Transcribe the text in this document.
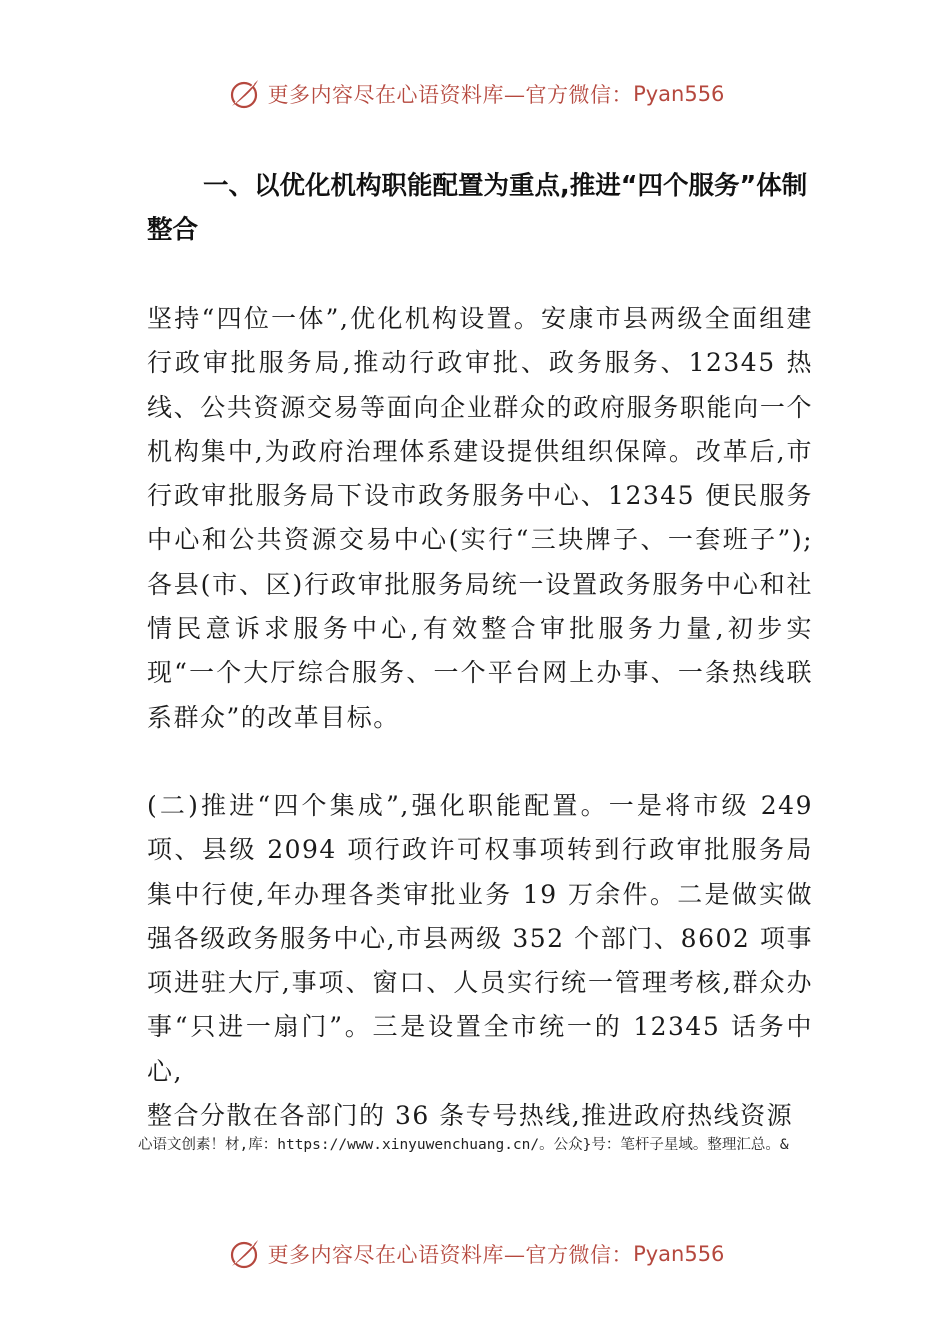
更多内容尽在心语资料库—官方微信： Pyan556
一、以优化机构职能配置为重点,推进“四个服务”体制整合
坚持“四位一体”,优化机构设置。安康市县两级全面组建行政审批服务局,推动行政审批、政务服务、12345 热线、公共资源交易等面向企业群众的政府服务职能向一个机构集中,为政府治理体系建设提供组织保障。改革后,市行政审批服务局下设市政务服务中心、12345 便民服务中心和公共资源交易中心(实行“三块牌子、一套班子”);各县(市、区)行政审批服务局统一设置政务服务中心和社情民意诉求服务中心,有效整合审批服务力量,初步实现“一个大厅综合服务、一个平台网上办事、一条热线联系群众”的改革目标。
(二)推进“四个集成”,强化职能配置。一是将市级 249 项、县级 2094 项行政许可权事项转到行政审批服务局集中行使,年办理各类审批业务 19 万余件。二是做实做强各级政务服务中心,市县两级 352 个部门、8602 项事项进驻大厅,事项、窗口、人员实行统一管理考核,群众办事“只进一扇门”。三是设置全市统一的 12345 话务中心,
整合分散在各部门的 36 条专号热线,推进政府热线资源
心语文创素！材,库：https://www.xinyuwenchuang.cn/。公众}号：笔杆子星域。整理汇总。&
更多内容尽在心语资料库—官方微信： Pyan556
